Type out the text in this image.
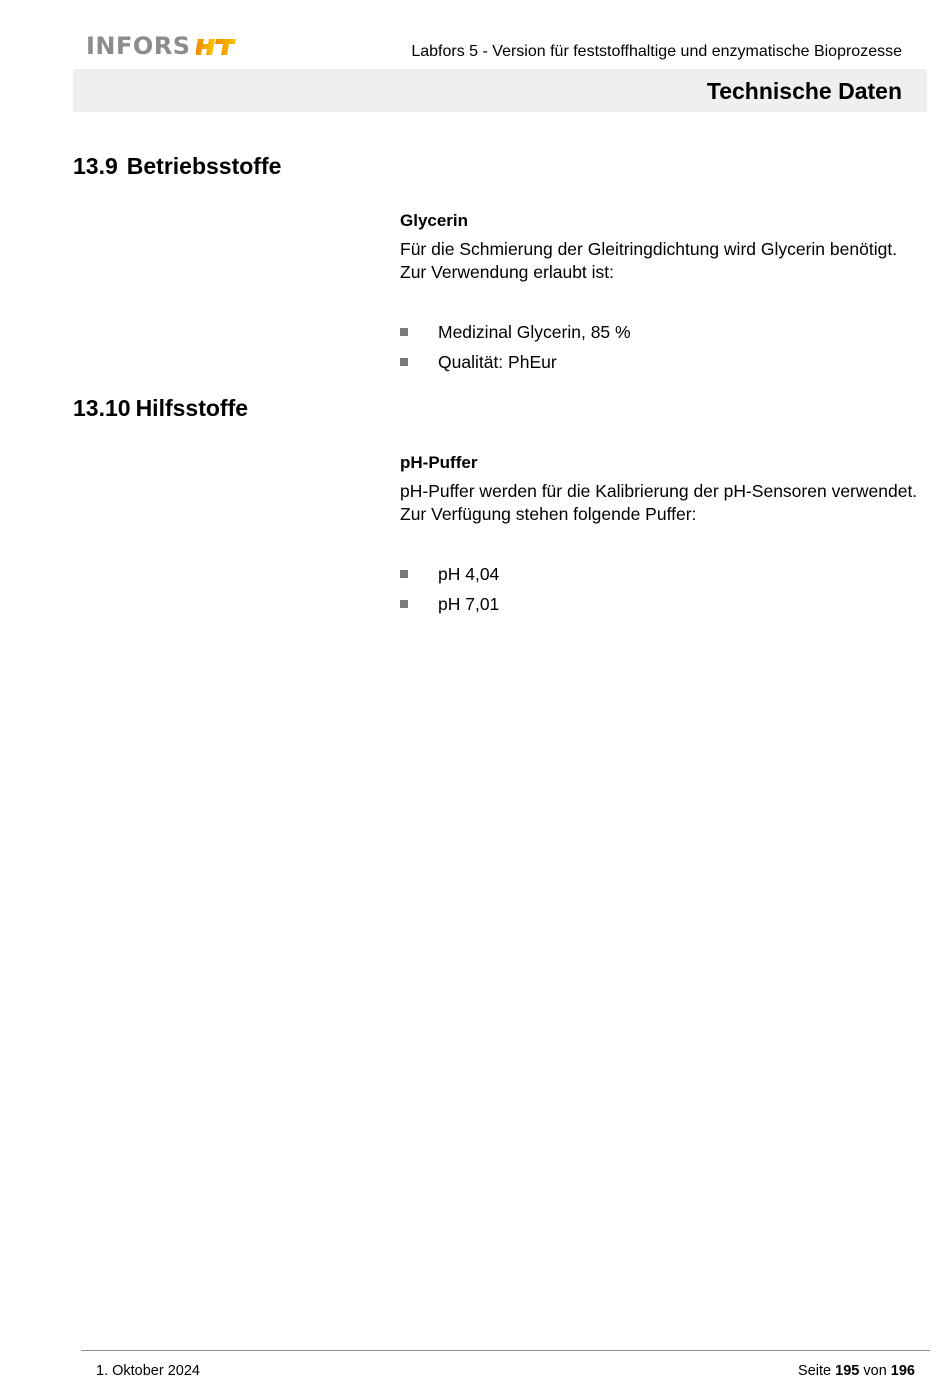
INFORS	Labfors 5 - Version für feststoffhaltige und enzymatische Bioprozesse
Technische Daten
13.9 Betriebsstoffe
Glycerin
Für die Schmierung der Gleitringdichtung wird Glycerin benötigt.
Zur Verwendung erlaubt ist:
Medizinal Glycerin, 85 %
Qualität: PhEur
13.10 Hilfsstoffe
pH-Puffer
pH-Puffer werden für die Kalibrierung der pH-Sensoren verwendet.
Zur Verfügung stehen folgende Puffer:
pH 4,04
pH 7,01
1. Oktober 2024	Seite 195 von 196
